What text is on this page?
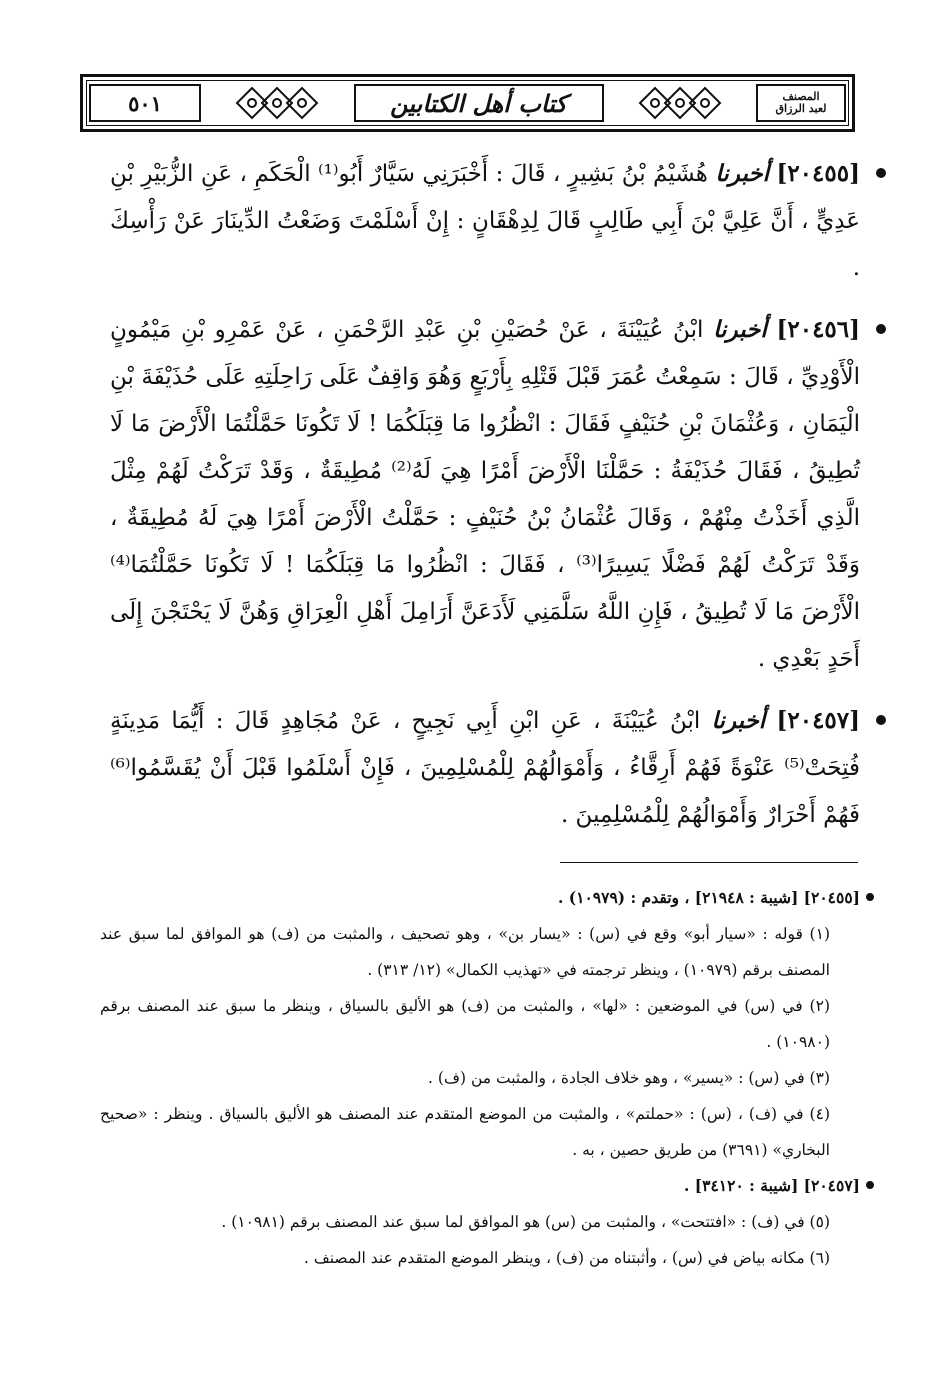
٥٠١	كتاب أهل الكتابين	المصنف
لعبد الرزاق

[٢٠٤٥٥] أخبرنا هُشَيْمُ بْنُ بَشِيرٍ ، قَالَ : أَخْبَرَنِي سَيَّارٌ أَبُو⁽¹⁾ الْحَكَمِ ، عَنِ الزُّبَيْرِ بْنِ عَدِيٍّ ، أَنَّ عَلِيَّ بْنَ أَبِي طَالِبٍ قَالَ لِدِهْقَانٍ : إِنْ أَسْلَمْتَ وَضَعْتُ الدِّينَارَ عَنْ رَأْسِكَ .

[٢٠٤٥٦] أخبرنا ابْنُ عُيَيْنَةَ ، عَنْ حُصَيْنِ بْنِ عَبْدِ الرَّحْمَنِ ، عَنْ عَمْرِو بْنِ مَيْمُونٍ الْأَوْدِيِّ ، قَالَ : سَمِعْتُ عُمَرَ قَبْلَ قَتْلِهِ بِأَرْبَعٍ وَهُوَ وَاقِفٌ عَلَى رَاحِلَتِهِ عَلَى حُذَيْفَةَ بْنِ الْيَمَانِ ، وَعُثْمَانَ بْنِ حُنَيْفٍ فَقَالَ : انْظُرُوا مَا قِبَلَكُمَا ! لَا تَكُونَا حَمَّلْتُمَا الْأَرْضَ مَا لَا تُطِيقُ ، فَقَالَ حُذَيْفَةُ : حَمَّلْنَا الْأَرْضَ أَمْرًا هِيَ لَهُ⁽²⁾ مُطِيقَةٌ ، وَقَدْ تَرَكْتُ لَهُمْ مِثْلَ الَّذِي أَخَذْتُ مِنْهُمْ ، وَقَالَ عُثْمَانُ بْنُ حُنَيْفٍ : حَمَّلْتُ الْأَرْضَ أَمْرًا هِيَ لَهُ مُطِيقَةٌ ، وَقَدْ تَرَكْتُ لَهُمْ فَضْلًا يَسِيرًا⁽³⁾ ، فَقَالَ : انْظُرُوا مَا قِبَلَكُمَا ! لَا تَكُونَا حَمَّلْتُمَا⁽⁴⁾ الْأَرْضَ مَا لَا تُطِيقُ ، فَإِنِ اللَّهُ سَلَّمَنِي لَأَدَعَنَّ أَرَامِلَ أَهْلِ الْعِرَاقِ وَهُنَّ لَا يَحْتَجْنَ إِلَى أَحَدٍ بَعْدِي .

[٢٠٤٥٧] أخبرنا ابْنُ عُيَيْنَةَ ، عَنِ ابْنِ أَبِي نَجِيحٍ ، عَنْ مُجَاهِدٍ قَالَ : أَيُّمَا مَدِينَةٍ فُتِحَتْ⁽⁵⁾ عَنْوَةً فَهُمْ أَرِقَّاءُ ، وَأَمْوَالُهُمْ لِلْمُسْلِمِينَ ، فَإِنْ أَسْلَمُوا قَبْلَ أَنْ يُقَسَّمُوا⁽⁶⁾ فَهُمْ أَحْرَارٌ وَأَمْوَالُهُمْ لِلْمُسْلِمِينَ .

[٢٠٤٥٥] [شيبة : ٢١٩٤٨] ، وتقدم : (١٠٩٧٩) .
(١) قوله : «سيار أبو» وقع في (س) : «يسار بن» ، وهو تصحيف ، والمثبت من (ف) هو الموافق لما سبق عند المصنف برقم (١٠٩٧٩) ، وينظر ترجمته في «تهذيب الكمال» (١٢/ ٣١٣) .
(٢) في (س) في الموضعين : «لها» ، والمثبت من (ف) هو الأليق بالسياق ، وينظر ما سبق عند المصنف برقم (١٠٩٨٠) .
(٣) في (س) : «يسير» ، وهو خلاف الجادة ، والمثبت من (ف) .
(٤) في (ف) ، (س) : «حملتم» ، والمثبت من الموضع المتقدم عند المصنف هو الأليق بالسياق . وينظر : «صحيح البخاري» (٣٦٩١) من طريق حصين ، به .
[٢٠٤٥٧] [شيبة : ٣٤١٢٠] .
(٥) في (ف) : «افتتحت» ، والمثبت من (س) هو الموافق لما سبق عند المصنف برقم (١٠٩٨١) .
(٦) مكانه بياض في (س) ، وأثبتناه من (ف) ، وينظر الموضع المتقدم عند المصنف .
